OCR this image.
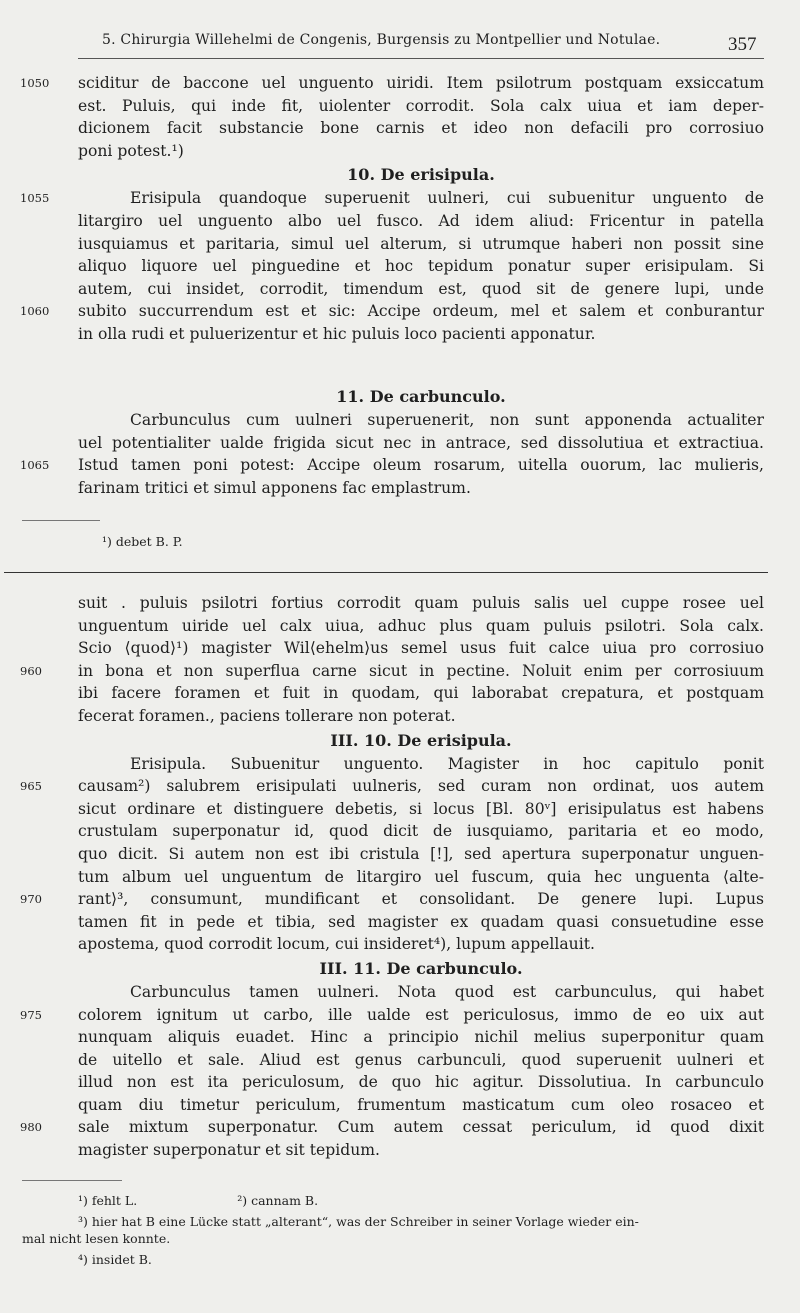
5. Chirurgia Willehelmi de Congenis, Burgensis zu Montpellier und Notulae.	357
sciditur de baccone uel unguento uiridi. Item psilotrum postquam exsiccatum
1050
est. Puluis, qui inde fit, uiolenter corrodit. Sola calx uiua et iam deper-
dicionem facit substancie bone carnis et ideo non defacili pro corrosiuo
poni potest.¹)
10. De erisipula.
Erisipula quandoque superuenit uulneri, cui subuenitur unguento de
1055
litargiro uel unguento albo uel fusco. Ad idem aliud: Fricentur in patella
iusquiamus et paritaria, simul uel alterum, si utrumque haberi non possit sine
aliquo liquore uel pinguedine et hoc tepidum ponatur super erisipulam. Si
autem, cui insidet, corrodit, timendum est, quod sit de genere lupi, unde
subito succurrendum est et sic: Accipe ordeum, mel et salem et conburantur
1060
in olla rudi et puluerizentur et hic puluis loco pacienti apponatur.
11. De carbunculo.
Carbunculus cum uulneri superuenerit, non sunt apponenda actualiter
uel potentialiter ualde frigida sicut nec in antrace, sed dissolutiua et extractiua.
Istud tamen poni potest: Accipe oleum rosarum, uitella ouorum, lac mulieris,
1065
farinam tritici et simul apponens fac emplastrum.
¹) debet B. P.
suit . puluis psilotri fortius corrodit quam puluis salis uel cuppe rosee uel
unguentum uiride uel calx uiua, adhuc plus quam puluis psilotri. Sola calx.
Scio ⟨quod⟩¹) magister Wil⟨ehelm⟩us semel usus fuit calce uiua pro corrosiuo
in bona et non superflua carne sicut in pectine. Noluit enim per corrosiuum
960
ibi facere foramen et fuit in quodam, qui laborabat crepatura, et postquam
fecerat foramen., paciens tollerare non poterat.
III. 10. De erisipula.
Erisipula. Subuenitur unguento. Magister in hoc capitulo ponit
causam²) salubrem erisipulati uulneris, sed curam non ordinat, uos autem
965
sicut ordinare et distinguere debetis, si locus [Bl. 80ᵛ] erisipulatus est habens
crustulam superponatur id, quod dicit de iusquiamo, paritaria et eo modo,
quo dicit. Si autem non est ibi cristula [!], sed apertura superponatur unguen-
tum album uel unguentum de litargiro uel fuscum, quia hec unguenta ⟨alte-
rant⟩³, consumunt, mundificant et consolidant. De genere lupi. Lupus
970
tamen fit in pede et tibia, sed magister ex quadam quasi consuetudine esse
apostema, quod corrodit locum, cui insideret⁴), lupum appellauit.
III. 11. De carbunculo.
Carbunculus tamen uulneri. Nota quod est carbunculus, qui habet
colorem ignitum ut carbo, ille ualde est periculosus, immo de eo uix aut
975
nunquam aliquis euadet. Hinc a principio nichil melius superponitur quam
de uitello et sale. Aliud est genus carbunculi, quod superuenit uulneri et
illud non est ita periculosum, de quo hic agitur. Dissolutiua. In carbunculo
quam diu timetur periculum, frumentum masticatum cum oleo rosaceo et
sale mixtum superponatur. Cum autem cessat periculum, id quod dixit
980
magister superponatur et sit tepidum.
¹) fehlt L.	²) cannam B.
³) hier hat B eine Lücke statt „alterant“, was der Schreiber in seiner Vorlage wieder ein-
mal nicht lesen konnte.
⁴) insidet B.
